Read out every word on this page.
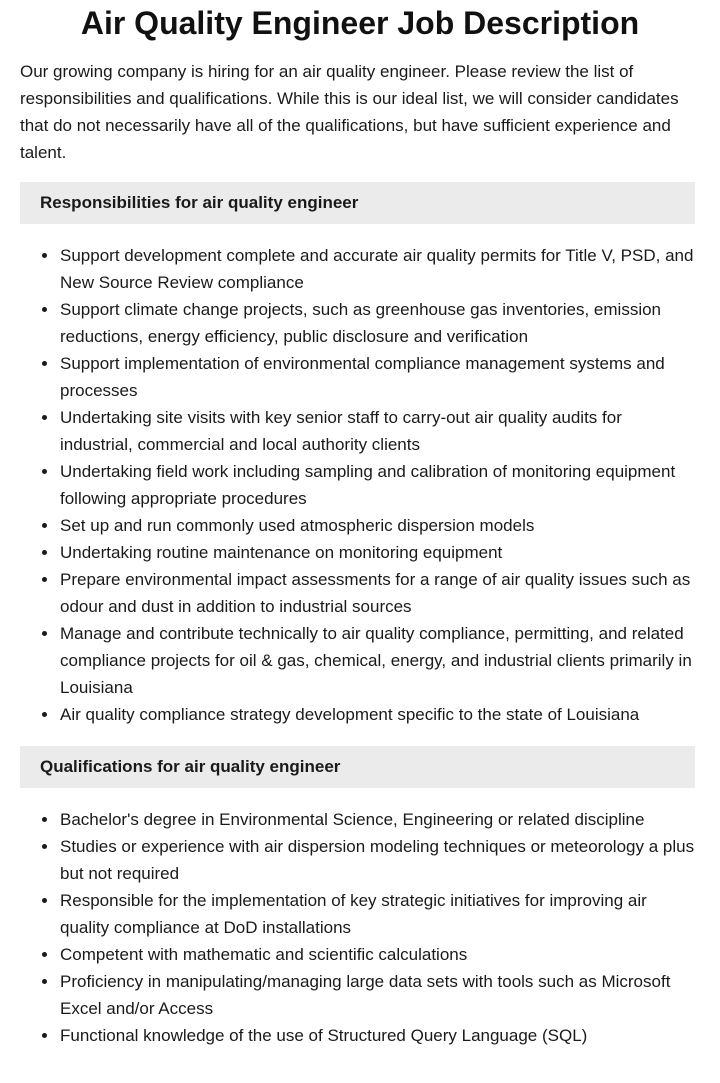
Air Quality Engineer Job Description

Our growing company is hiring for an air quality engineer. Please review the list of responsibilities and qualifications. While this is our ideal list, we will consider candidates that do not necessarily have all of the qualifications, but have sufficient experience and talent.

Responsibilities for air quality engineer
Support development complete and accurate air quality permits for Title V, PSD, and New Source Review compliance
Support climate change projects, such as greenhouse gas inventories, emission reductions, energy efficiency, public disclosure and verification
Support implementation of environmental compliance management systems and processes
Undertaking site visits with key senior staff to carry-out air quality audits for industrial, commercial and local authority clients
Undertaking field work including sampling and calibration of monitoring equipment following appropriate procedures
Set up and run commonly used atmospheric dispersion models
Undertaking routine maintenance on monitoring equipment
Prepare environmental impact assessments for a range of air quality issues such as odour and dust in addition to industrial sources
Manage and contribute technically to air quality compliance, permitting, and related compliance projects for oil & gas, chemical, energy, and industrial clients primarily in Louisiana
Air quality compliance strategy development specific to the state of Louisiana
Qualifications for air quality engineer
Bachelor's degree in Environmental Science, Engineering or related discipline
Studies or experience with air dispersion modeling techniques or meteorology a plus but not required
Responsible for the implementation of key strategic initiatives for improving air quality compliance at DoD installations
Competent with mathematic and scientific calculations
Proficiency in manipulating/managing large data sets with tools such as Microsoft Excel and/or Access
Functional knowledge of the use of Structured Query Language (SQL)
